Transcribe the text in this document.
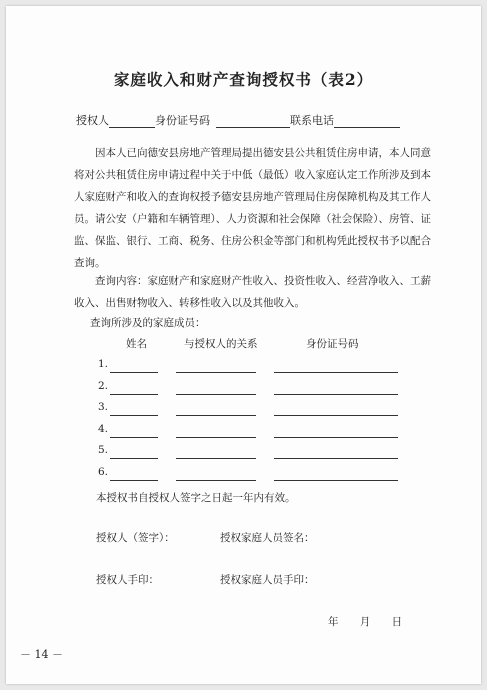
家庭收入和财产查询授权书（表2）
授权人	身份证号码	联系电话
因本人已向德安县房地产管理局提出德安县公共租赁住房申请，本人同意将对公共租赁住房申请过程中关于中低（最低）收入家庭认定工作所涉及到本人家庭财产和收入的查询权授予德安县房地产管理局住房保障机构及其工作人员。请公安（户籍和车辆管理）、人力资源和社会保障（社会保险）、房管、证监、保监、银行、工商、税务、住房公积金等部门和机构凭此授权书予以配合查询。
查询内容：家庭财产和家庭财产性收入、投资性收入、经营净收入、工薪收入、出售财物收入、转移性收入以及其他收入。
查询所涉及的家庭成员：
姓名	与授权人的关系	身份证号码
1.
2.
3.
4.
5.
6.
本授权书自授权人签字之日起一年内有效。
授权人（签字）：	授权家庭人员签名：
授权人手印：	授权家庭人员手印：
年 月 日
－ 14 －
